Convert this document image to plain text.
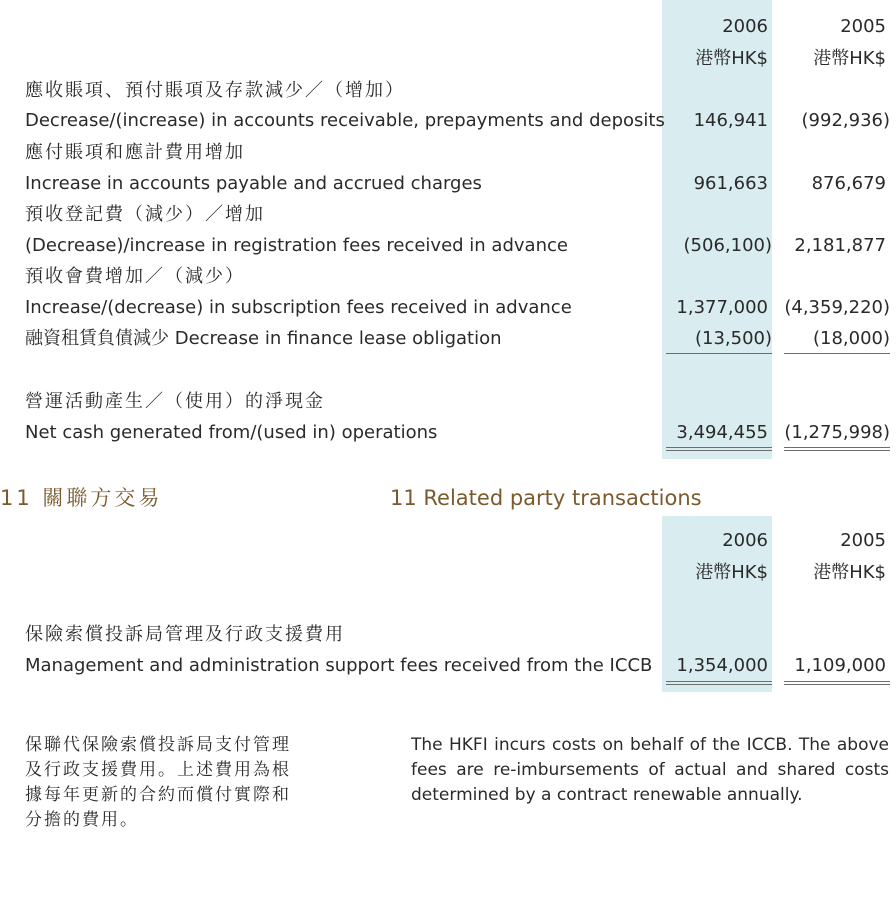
2006	2005
港幣HK$	港幣HK$
應收賬項、預付賬項及存款減少／（增加）
Decrease/(increase) in accounts receivable, prepayments and deposits	146,941	(992,936)
應付賬項和應計費用增加
Increase in accounts payable and accrued charges	961,663	876,679
預收登記費（減少）／增加
(Decrease)/increase in registration fees received in advance	(506,100)	2,181,877
預收會費增加／（減少）
Increase/(decrease) in subscription fees received in advance	1,377,000 (4,359,220)
融資租賃負債減少 Decrease in finance lease obligation	(13,500)	(18,000)
營運活動產生／（使用）的淨現金
Net cash generated from/(used in) operations	3,494,455 (1,275,998)
11 關聯方交易	11 Related party transactions
2006	2005
港幣HK$	港幣HK$
保險索償投訴局管理及行政支援費用
Management and administration support fees received from the ICCB	1,354,000	1,109,000
保聯代保險索償投訴局支付管理及行政支援費用。上述費用為根據每年更新的合約而償付實際和分擔的費用。
The HKFI incurs costs on behalf of the ICCB. The above fees are re-imbursements of actual and shared costs determined by a contract renewable annually.
